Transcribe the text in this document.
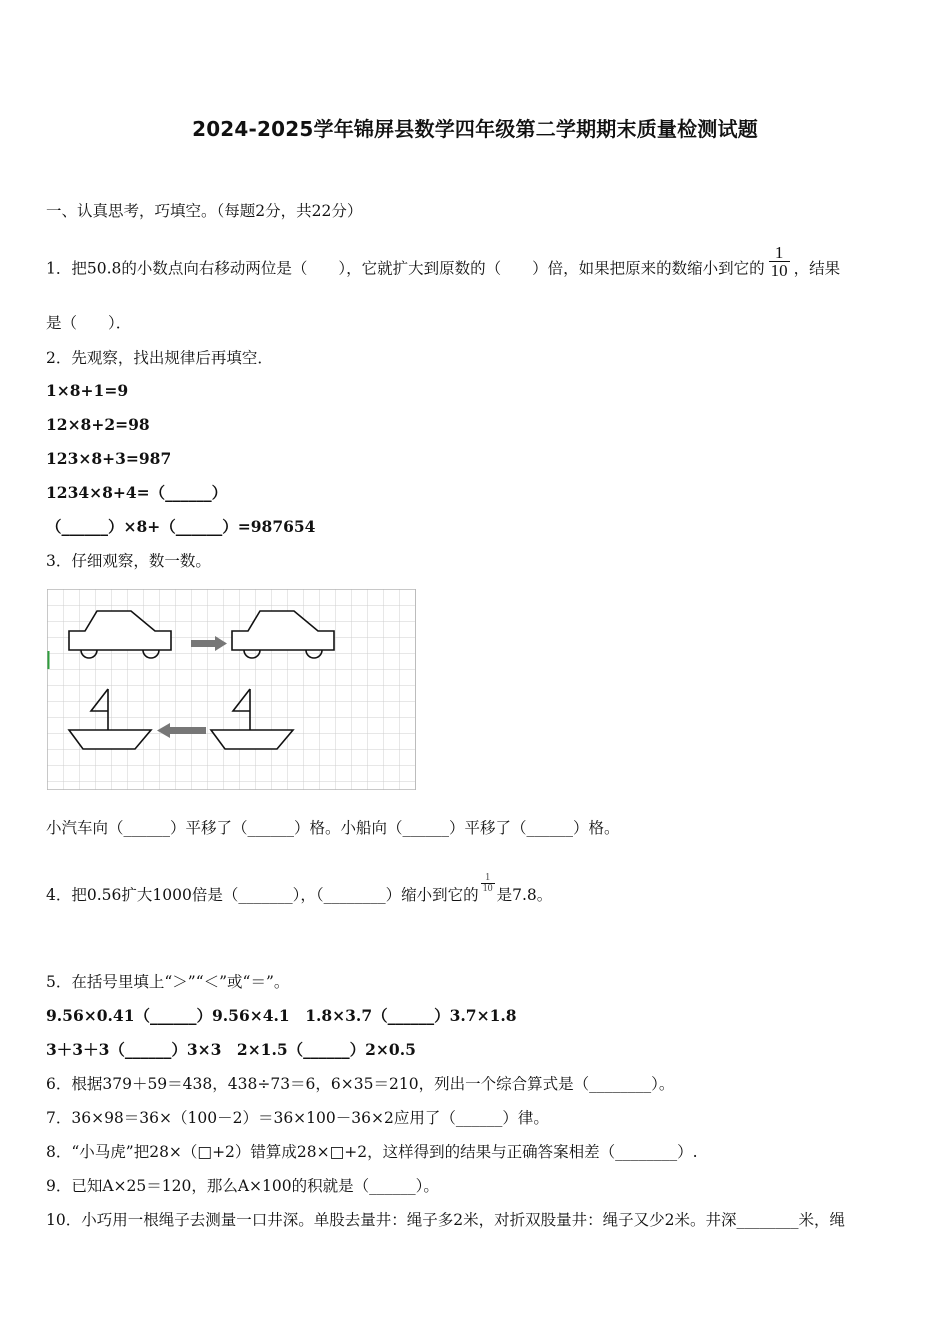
2024-2025学年锦屏县数学四年级第二学期期末质量检测试题
一、认真思考，巧填空。（每题2分，共22分）
1．把50.8的小数点向右移动两位是（　　），它就扩大到原数的（　　）倍，如果把原来的数缩小到它的 $\frac{1}{10}$ ，结果
是（　　）．
2．先观察，找出规律后再填空．
1×8+1=9
12×8+2=98
123×8+3=987
1234×8+4=（______）
（______）×8+（______）=987654
3．仔细观察，数一数。
小汽车向（______）平移了（______）格。小船向（______）平移了（______）格。
4．把0.56扩大1000倍是（_______），（________）缩小到它的
$\frac{1}{10}$
是7.8。
5．在括号里填上“＞”“＜”或“＝”。
9.56×0.41（______）9.56×4.1　1.8×3.7（______）3.7×1.8
3＋3＋3（______）3×3　2×1.5（______）2×0.5
6．根据379＋59＝438，438÷73＝6，6×35＝210，列出一个综合算式是（________）。
7．36×98＝36×（100－2）＝36×100－36×2应用了（______）律。
8．“小马虎”把28×（□+2）错算成28×□+2，这样得到的结果与正确答案相差（________）.
9．已知A×25＝120，那么A×100的积就是（______）。
10．小巧用一根绳子去测量一口井深。单股去量井：绳子多2米，对折双股量井：绳子又少2米。井深________米，绳
